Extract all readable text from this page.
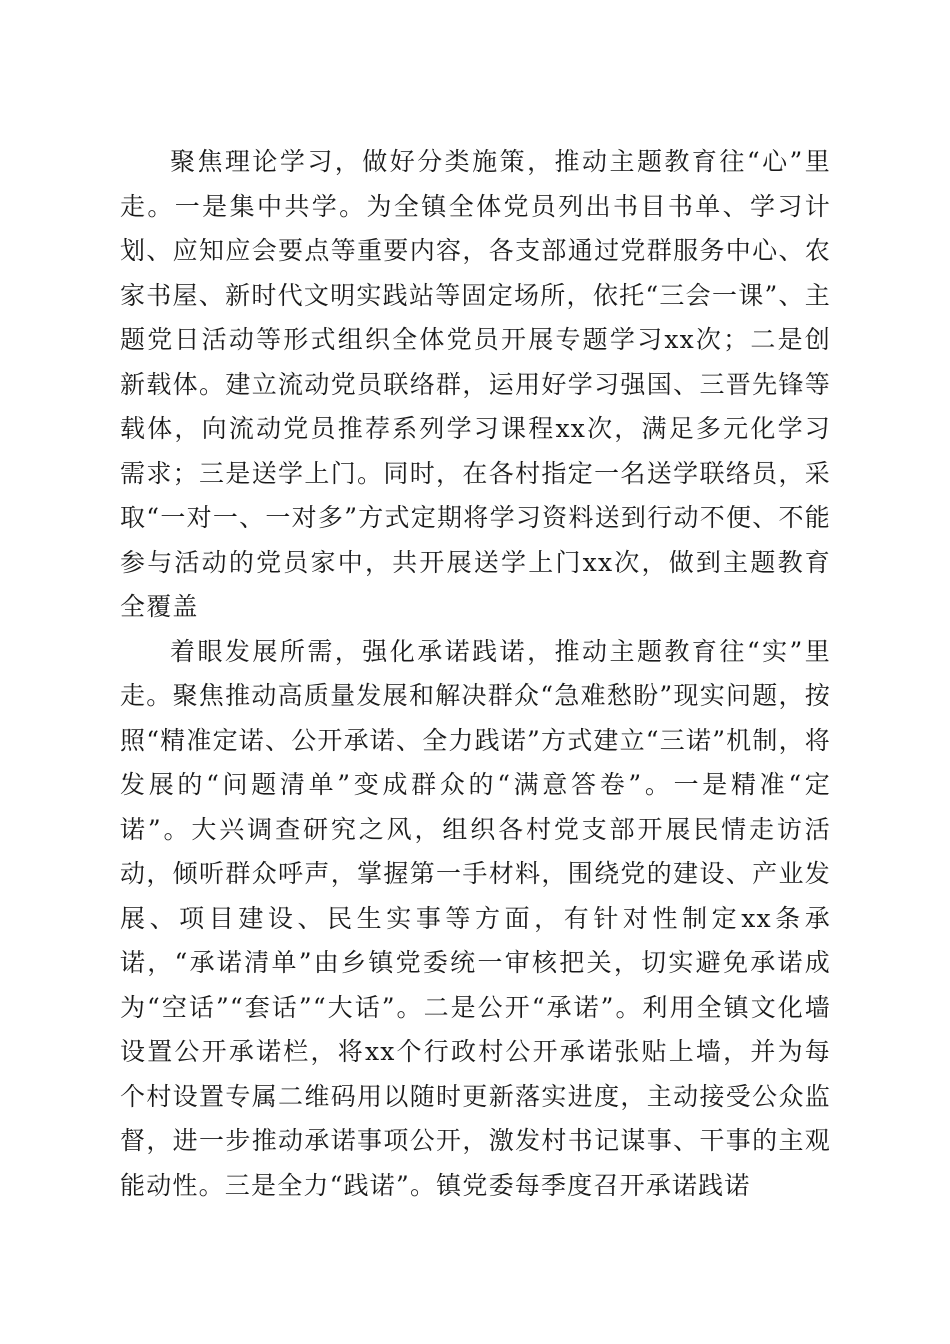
聚焦理论学习，做好分类施策，推动主题教育往“心”里走。一是集中共学。为全镇全体党员列出书目书单、学习计划、应知应会要点等重要内容，各支部通过党群服务中心、农家书屋、新时代文明实践站等固定场所，依托“三会一课”、主题党日活动等形式组织全体党员开展专题学习xx次；二是创新载体。建立流动党员联络群，运用好学习强国、三晋先锋等载体，向流动党员推荐系列学习课程xx次，满足多元化学习需求；三是送学上门。同时，在各村指定一名送学联络员，采取“一对一、一对多”方式定期将学习资料送到行动不便、不能参与活动的党员家中，共开展送学上门xx次，做到主题教育全覆盖

着眼发展所需，强化承诺践诺，推动主题教育往“实”里走。聚焦推动高质量发展和解决群众“急难愁盼”现实问题，按照“精准定诺、公开承诺、全力践诺”方式建立“三诺”机制，将发展的“问题清单”变成群众的“满意答卷”。一是精准“定诺”。大兴调查研究之风，组织各村党支部开展民情走访活动，倾听群众呼声，掌握第一手材料，围绕党的建设、产业发展、项目建设、民生实事等方面，有针对性制定xx条承诺，“承诺清单”由乡镇党委统一审核把关，切实避免承诺成为“空话”“套话”“大话”。二是公开“承诺”。利用全镇文化墙设置公开承诺栏，将xx个行政村公开承诺张贴上墙，并为每个村设置专属二维码用以随时更新落实进度，主动接受公众监督，进一步推动承诺事项公开，激发村书记谋事、干事的主观能动性。三是全力“践诺”。镇党委每季度召开承诺践诺
